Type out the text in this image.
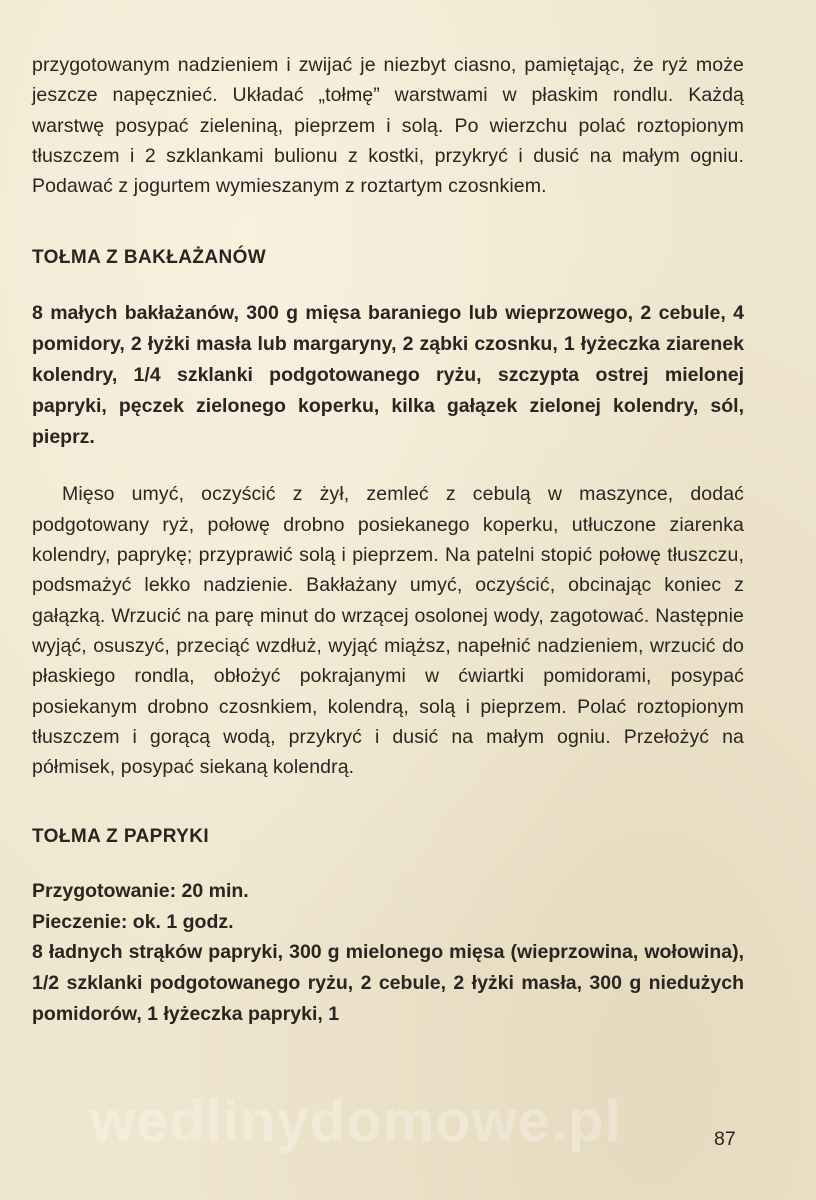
przygotowanym nadzieniem i zwijać je niezbyt ciasno, pamiętając, że ryż może jeszcze napęcznieć. Układać „tołmę” warstwami w płaskim rondlu. Każdą warstwę posypać zieleniną, pieprzem i solą. Po wierzchu polać roztopionym tłuszczem i 2 szklankami bulionu z kostki, przykryć i dusić na małym ogniu. Podawać z jogurtem wymieszanym z roztartym czosnkiem.

TOŁMA Z BAKŁAŻANÓW

8 małych bakłażanów, 300 g mięsa baraniego lub wieprzowego, 2 cebule, 4 pomidory, 2 łyżki masła lub margaryny, 2 ząbki czosnku, 1 łyżeczka ziarenek kolendry, 1/4 szklanki podgotowanego ryżu, szczypta ostrej mielonej papryki, pęczek zielonego koperku, kilka gałązek zielonej kolendry, sól, pieprz.

Mięso umyć, oczyścić z żył, zemleć z cebulą w maszynce, dodać podgotowany ryż, połowę drobno posiekanego koperku, utłuczone ziarenka kolendry, paprykę; przyprawić solą i pieprzem. Na patelni stopić połowę tłuszczu, podsmażyć lekko nadzienie. Bakłażany umyć, oczyścić, obcinając koniec z gałązką. Wrzucić na parę minut do wrzącej osolonej wody, zagotować. Następnie wyjąć, osuszyć, przeciąć wzdłuż, wyjąć miąższ, napełnić nadzieniem, wrzucić do płaskiego rondla, obłożyć pokrajanymi w ćwiartki pomidorami, posypać posiekanym drobno czosnkiem, kolendrą, solą i pieprzem. Polać roztopionym tłuszczem i gorącą wodą, przykryć i dusić na małym ogniu. Przełożyć na półmisek, posypać siekaną kolendrą.

TOŁMA Z PAPRYKI

Przygotowanie: 20 min.

Pieczenie: ok. 1 godz.

8 ładnych strąków papryki, 300 g mielonego mięsa (wieprzowina, wołowina), 1/2 szklanki podgotowanego ryżu, 2 cebule, 2 łyżki masła, 300 g niedużych pomidorów, 1 łyżeczka papryki, 1

wedlinydomowe.pl	87
